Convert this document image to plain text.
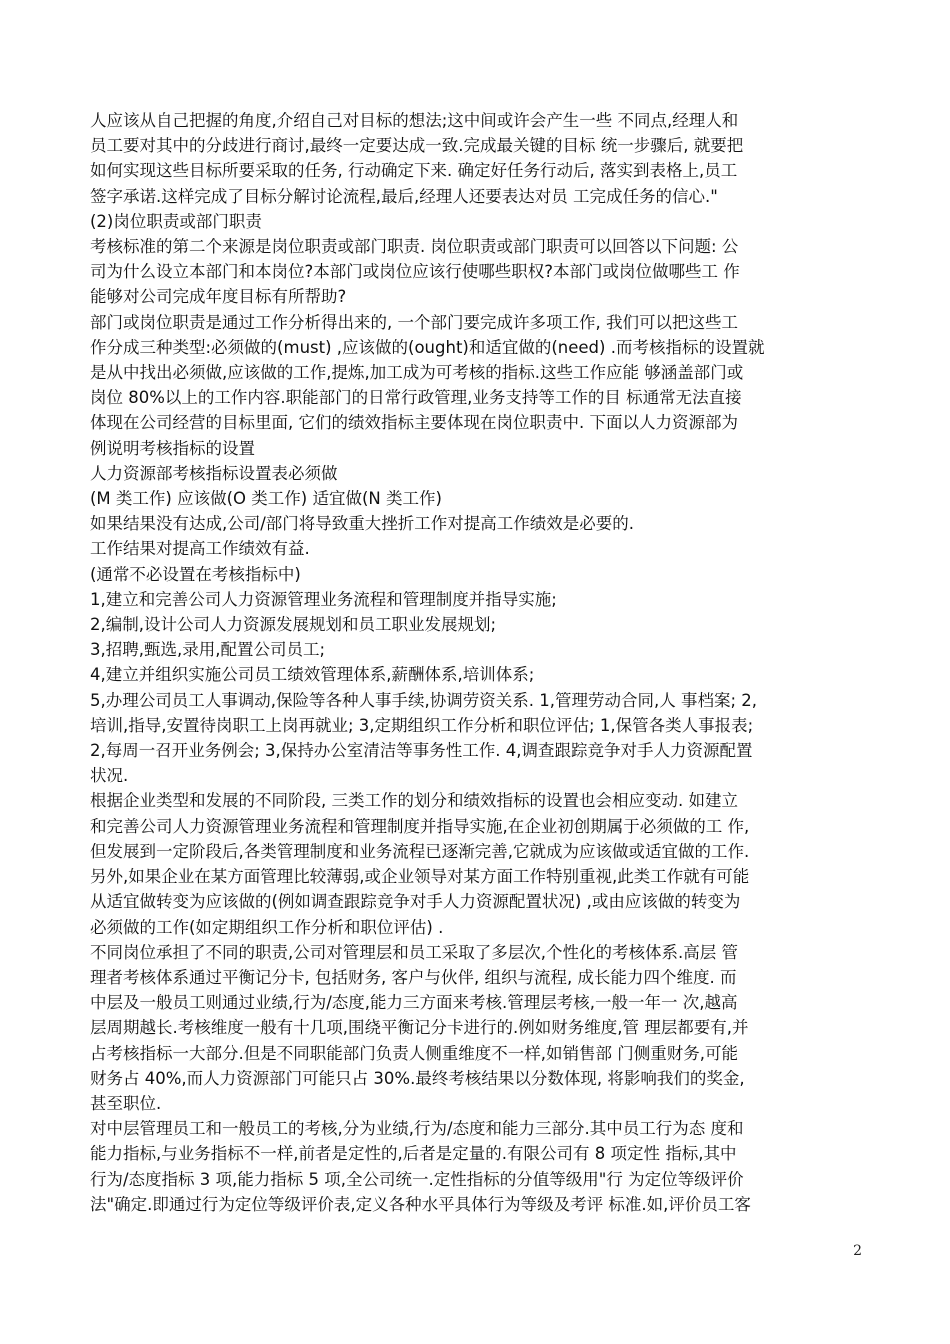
人应该从自己把握的角度,介绍自己对目标的想法;这中间或许会产生一些 不同点,经理人和
员工要对其中的分歧进行商讨,最终一定要达成一致.完成最关键的目标 统一步骤后, 就要把
如何实现这些目标所要采取的任务, 行动确定下来. 确定好任务行动后, 落实到表格上,员工
签字承诺.这样完成了目标分解讨论流程,最后,经理人还要表达对员 工完成任务的信心."
(2)岗位职责或部门职责
考核标准的第二个来源是岗位职责或部门职责. 岗位职责或部门职责可以回答以下问题: 公
司为什么设立本部门和本岗位?本部门或岗位应该行使哪些职权?本部门或岗位做哪些工 作
能够对公司完成年度目标有所帮助?
部门或岗位职责是通过工作分析得出来的, 一个部门要完成许多项工作, 我们可以把这些工
作分成三种类型:必须做的(must) ,应该做的(ought)和适宜做的(need) .而考核指标的设置就
是从中找出必须做,应该做的工作,提炼,加工成为可考核的指标.这些工作应能 够涵盖部门或
岗位 80%以上的工作内容.职能部门的日常行政管理,业务支持等工作的目 标通常无法直接
体现在公司经营的目标里面, 它们的绩效指标主要体现在岗位职责中. 下面以人力资源部为
例说明考核指标的设置
人力资源部考核指标设置表必须做
(M 类工作) 应该做(O 类工作) 适宜做(N 类工作)
如果结果没有达成,公司/部门将导致重大挫折工作对提高工作绩效是必要的.
工作结果对提高工作绩效有益.
(通常不必设置在考核指标中)
1,建立和完善公司人力资源管理业务流程和管理制度并指导实施;
2,编制,设计公司人力资源发展规划和员工职业发展规划;
3,招聘,甄选,录用,配置公司员工;
4,建立并组织实施公司员工绩效管理体系,薪酬体系,培训体系;
5,办理公司员工人事调动,保险等各种人事手续,协调劳资关系. 1,管理劳动合同,人 事档案; 2,
培训,指导,安置待岗职工上岗再就业; 3,定期组织工作分析和职位评估; 1,保管各类人事报表;
2,每周一召开业务例会; 3,保持办公室清洁等事务性工作. 4,调查跟踪竞争对手人力资源配置
状况.
根据企业类型和发展的不同阶段, 三类工作的划分和绩效指标的设置也会相应变动. 如建立
和完善公司人力资源管理业务流程和管理制度并指导实施,在企业初创期属于必须做的工 作,
但发展到一定阶段后,各类管理制度和业务流程已逐渐完善,它就成为应该做或适宜做的工作.
另外,如果企业在某方面管理比较薄弱,或企业领导对某方面工作特别重视,此类工作就有可能
从适宜做转变为应该做的(例如调查跟踪竞争对手人力资源配置状况) ,或由应该做的转变为
必须做的工作(如定期组织工作分析和职位评估) .
不同岗位承担了不同的职责,公司对管理层和员工采取了多层次,个性化的考核体系.高层 管
理者考核体系通过平衡记分卡, 包括财务, 客户与伙伴, 组织与流程, 成长能力四个维度. 而
中层及一般员工则通过业绩,行为/态度,能力三方面来考核.管理层考核,一般一年一 次,越高
层周期越长.考核维度一般有十几项,围绕平衡记分卡进行的.例如财务维度,管 理层都要有,并
占考核指标一大部分.但是不同职能部门负责人侧重维度不一样,如销售部 门侧重财务,可能
财务占 40%,而人力资源部门可能只占 30%.最终考核结果以分数体现, 将影响我们的奖金,
甚至职位.
对中层管理员工和一般员工的考核,分为业绩,行为/态度和能力三部分.其中员工行为态 度和
能力指标,与业务指标不一样,前者是定性的,后者是定量的.有限公司有 8 项定性 指标,其中
行为/态度指标 3 项,能力指标 5 项,全公司统一.定性指标的分值等级用"行 为定位等级评价
法"确定.即通过行为定位等级评价表,定义各种水平具体行为等级及考评 标准.如,评价员工客
2
